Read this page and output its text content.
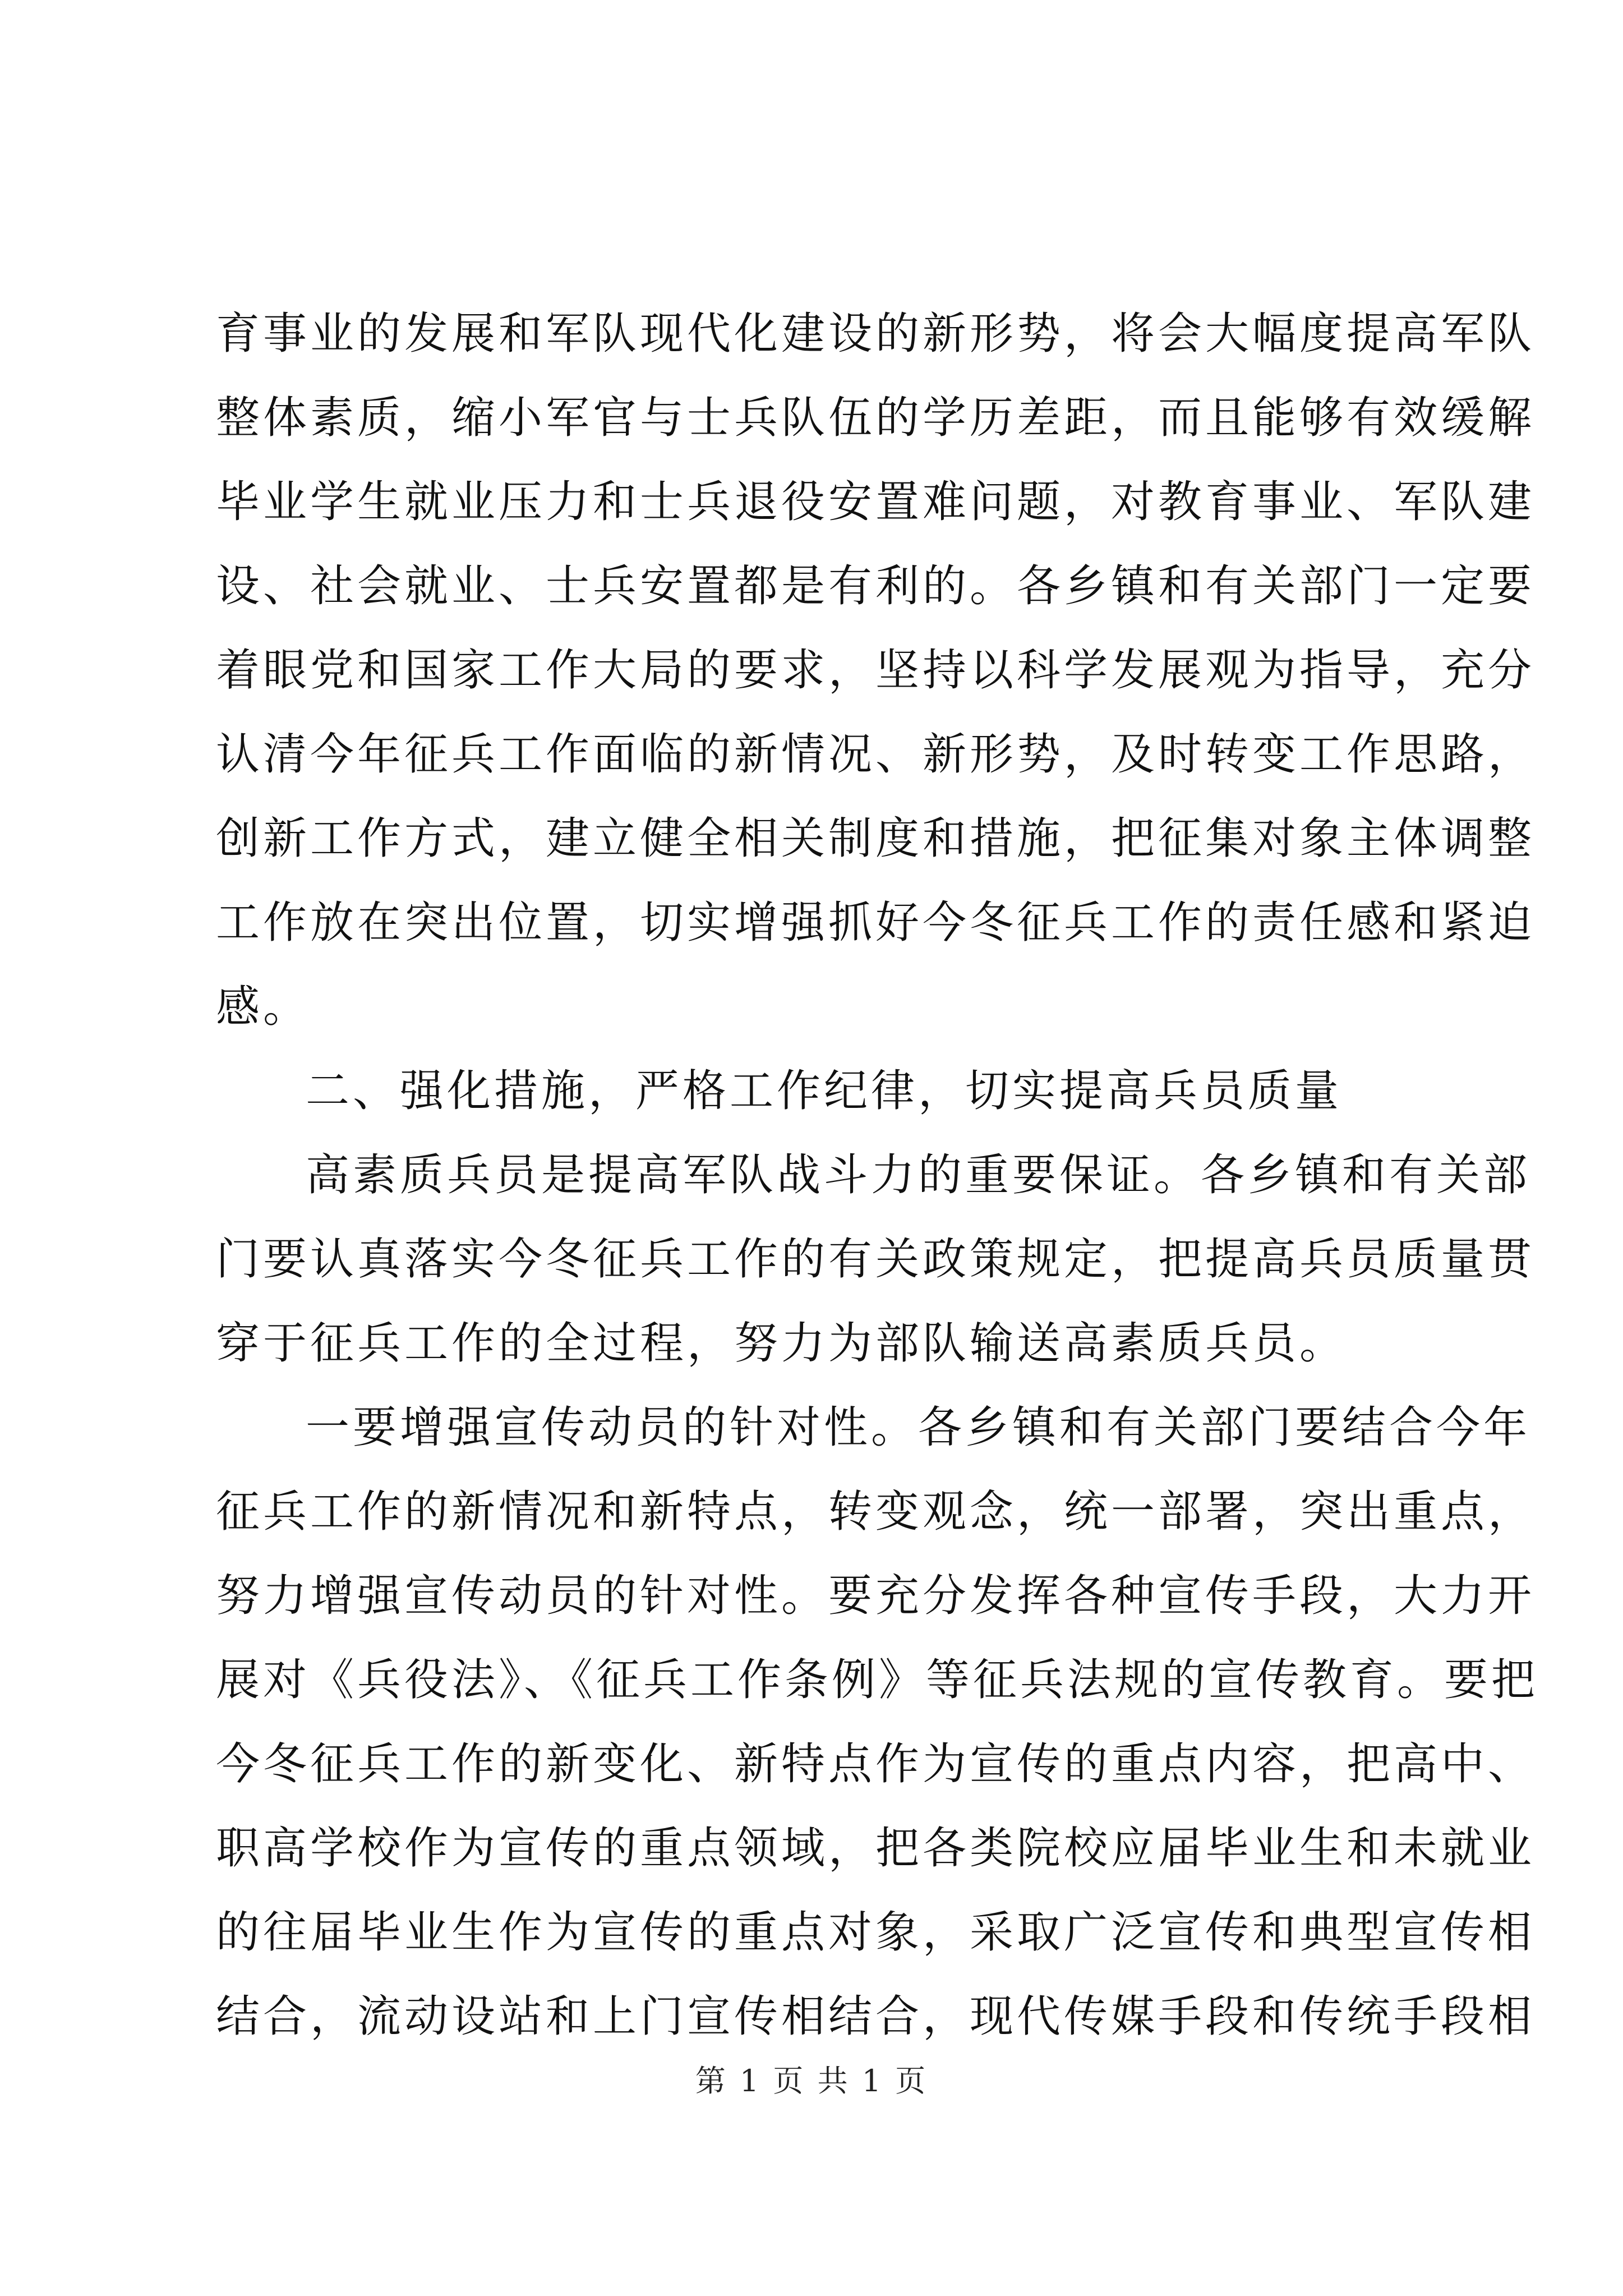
育事业的发展和军队现代化建设的新形势，将会大幅度提高军队
整体素质，缩小军官与士兵队伍的学历差距，而且能够有效缓解
毕业学生就业压力和士兵退役安置难问题，对教育事业、军队建
设、社会就业、士兵安置都是有利的。各乡镇和有关部门一定要
着眼党和国家工作大局的要求，坚持以科学发展观为指导，充分
认清今年征兵工作面临的新情况、新形势，及时转变工作思路，
创新工作方式，建立健全相关制度和措施，把征集对象主体调整
工作放在突出位置，切实增强抓好今冬征兵工作的责任感和紧迫
感。
二、强化措施，严格工作纪律，切实提高兵员质量
高素质兵员是提高军队战斗力的重要保证。各乡镇和有关部
门要认真落实今冬征兵工作的有关政策规定，把提高兵员质量贯
穿于征兵工作的全过程，努力为部队输送高素质兵员。
一要增强宣传动员的针对性。各乡镇和有关部门要结合今年
征兵工作的新情况和新特点，转变观念，统一部署，突出重点，
努力增强宣传动员的针对性。要充分发挥各种宣传手段，大力开
展对《兵役法》、《征兵工作条例》等征兵法规的宣传教育。要把
今冬征兵工作的新变化、新特点作为宣传的重点内容，把高中、
职高学校作为宣传的重点领域，把各类院校应届毕业生和未就业
的往届毕业生作为宣传的重点对象，采取广泛宣传和典型宣传相
结合，流动设站和上门宣传相结合，现代传媒手段和传统手段相
第 1 页 共 1 页
